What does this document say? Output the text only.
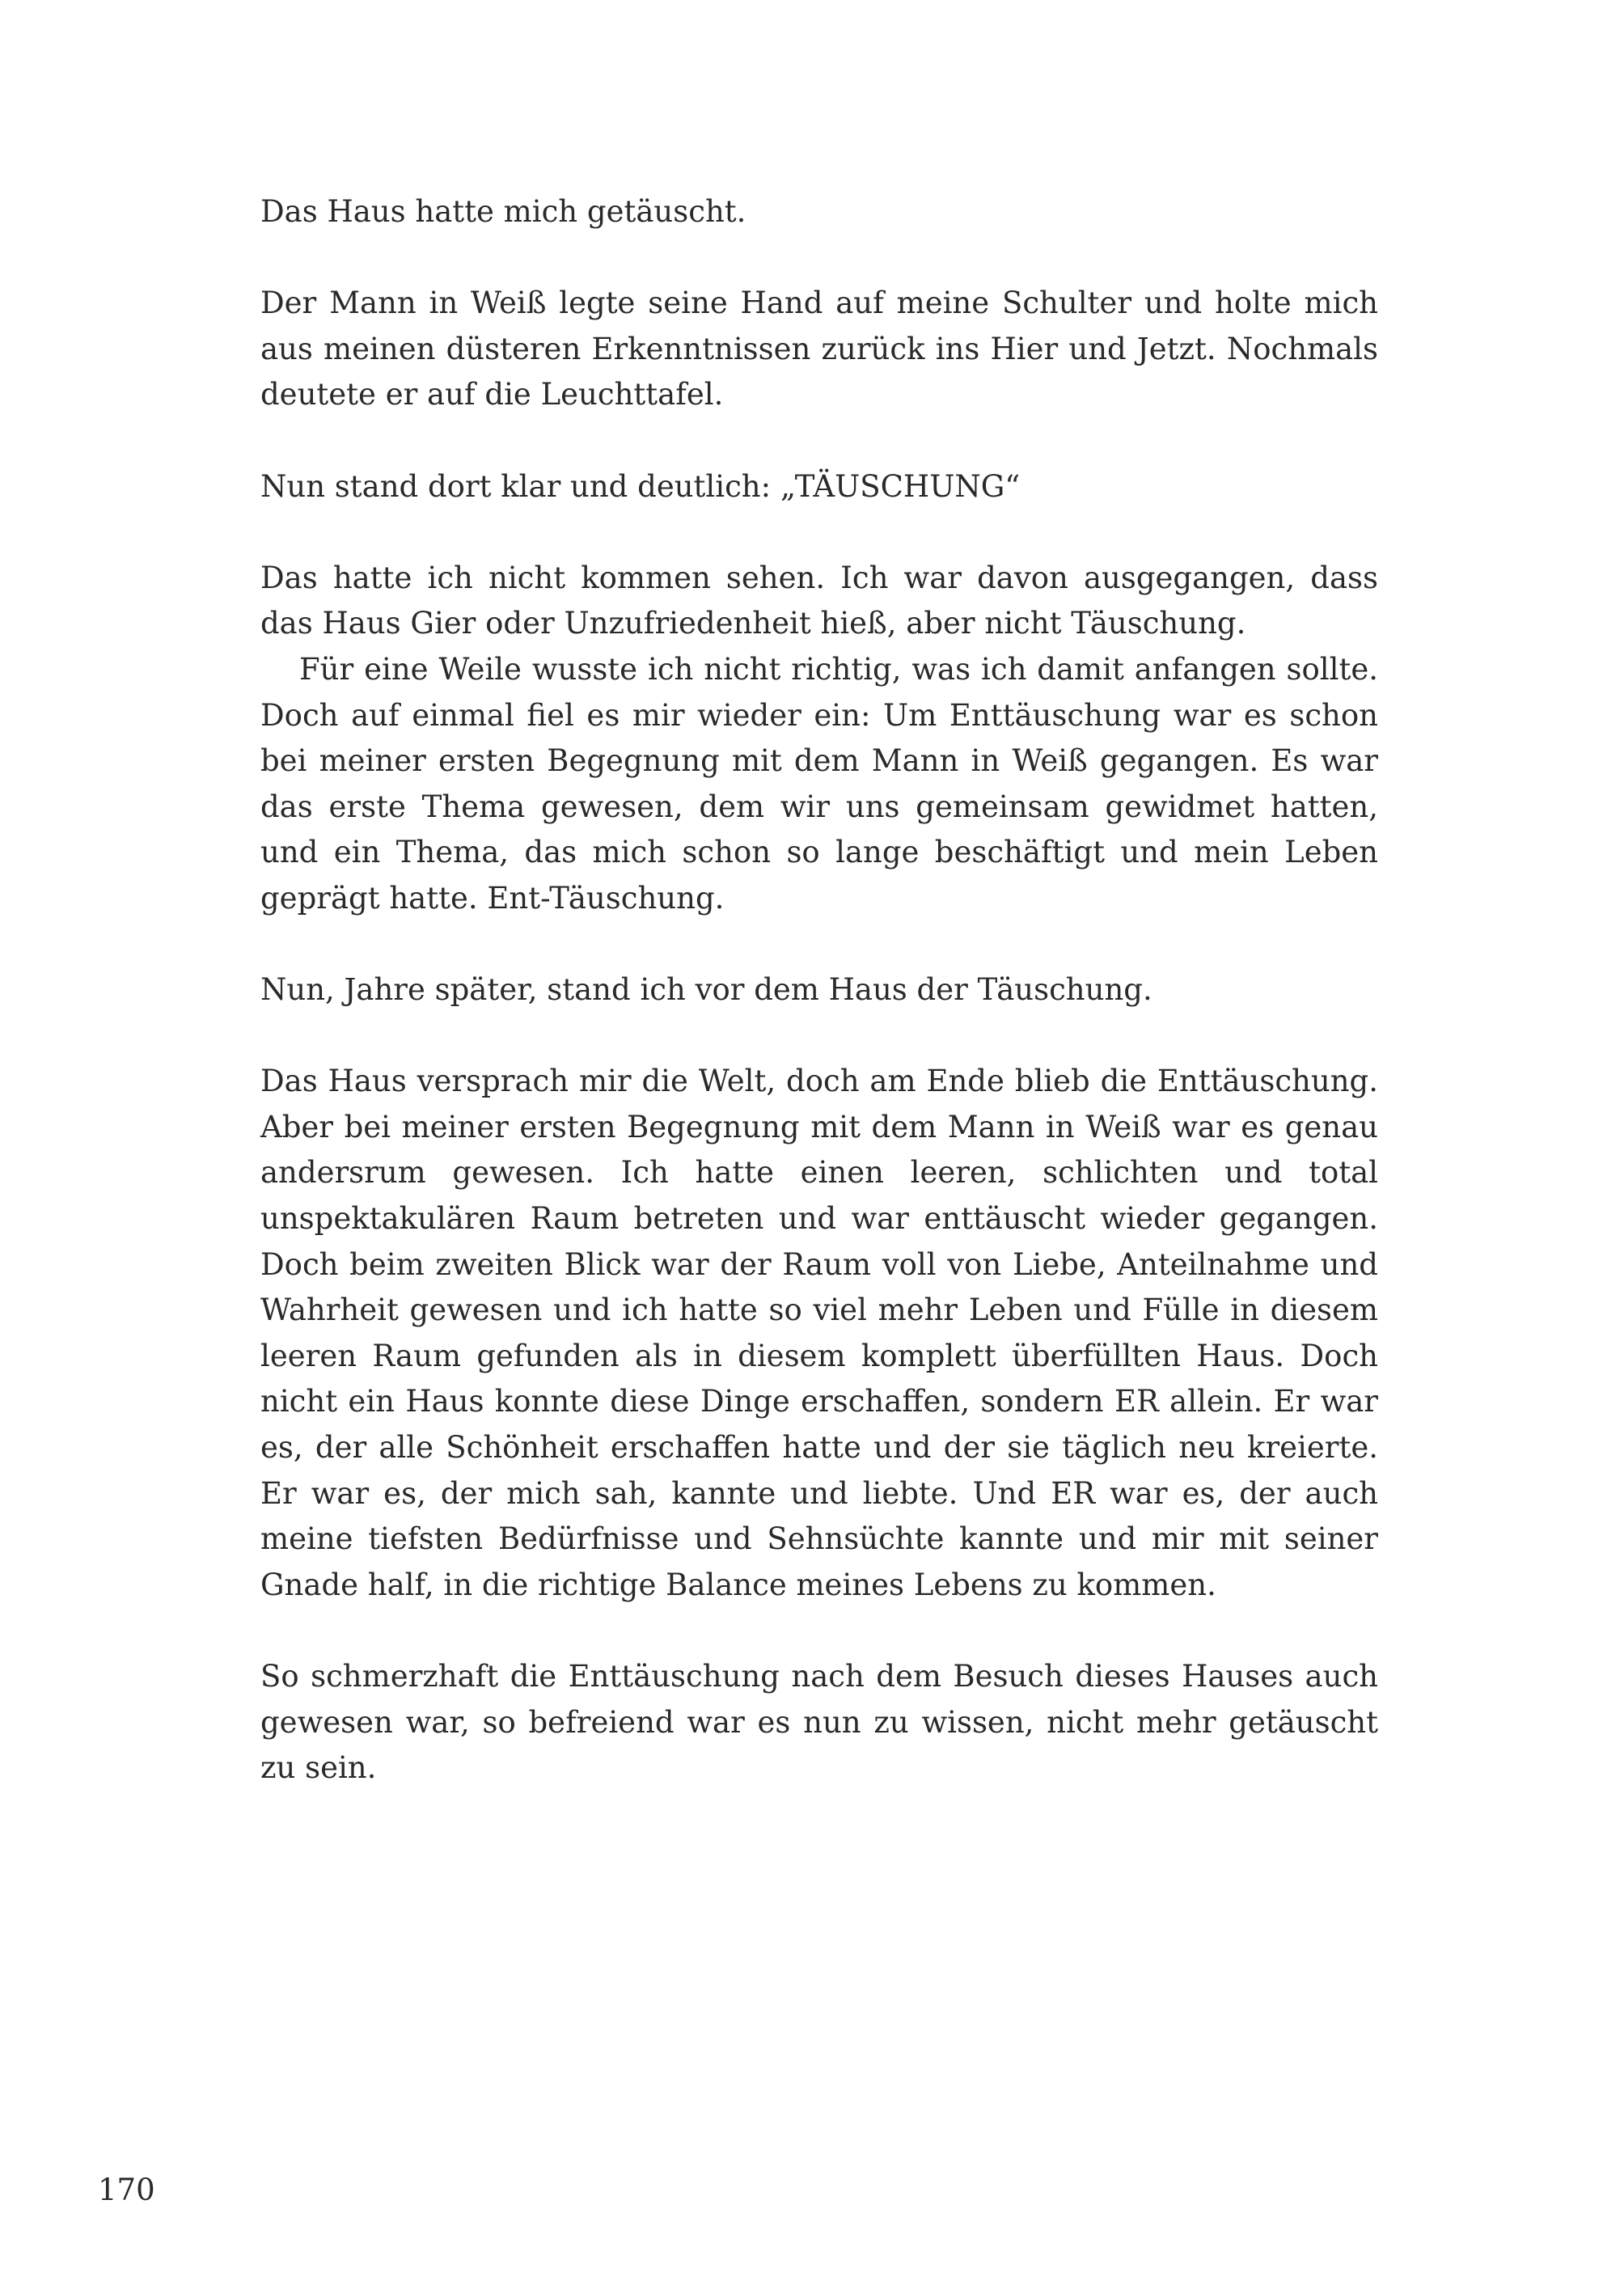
Das Haus hatte mich getäuscht.

Der Mann in Weiß legte seine Hand auf meine Schulter und holte mich aus meinen düsteren Erkenntnissen zurück ins Hier und Jetzt. Nochmals deutete er auf die Leuchttafel.

Nun stand dort klar und deutlich: „TÄUSCHUNG“

Das hatte ich nicht kommen sehen. Ich war davon ausgegangen, dass das Haus Gier oder Unzufriedenheit hieß, aber nicht Täuschung.

Für eine Weile wusste ich nicht richtig, was ich damit anfangen sollte. Doch auf einmal fiel es mir wieder ein: Um Enttäuschung war es schon bei meiner ersten Begegnung mit dem Mann in Weiß gegangen. Es war das erste Thema gewesen, dem wir uns gemeinsam gewidmet hatten, und ein Thema, das mich schon so lange beschäftigt und mein Leben geprägt hatte. Ent-Täuschung.

Nun, Jahre später, stand ich vor dem Haus der Täuschung.

Das Haus versprach mir die Welt, doch am Ende blieb die Enttäuschung. Aber bei meiner ersten Begegnung mit dem Mann in Weiß war es genau andersrum gewesen. Ich hatte einen leeren, schlichten und total unspektakulären Raum betreten und war enttäuscht wieder gegangen. Doch beim zweiten Blick war der Raum voll von Liebe, Anteilnahme und Wahrheit gewesen und ich hatte so viel mehr Leben und Fülle in diesem leeren Raum gefunden als in diesem komplett überfüllten Haus. Doch nicht ein Haus konnte diese Dinge erschaffen, sondern ER allein. Er war es, der alle Schönheit erschaffen hatte und der sie täglich neu kreierte. Er war es, der mich sah, kannte und liebte. Und ER war es, der auch meine tiefsten Bedürfnisse und Sehnsüchte kannte und mir mit seiner Gnade half, in die richtige Balance meines Lebens zu kommen.

So schmerzhaft die Enttäuschung nach dem Besuch dieses Hauses auch gewesen war, so befreiend war es nun zu wissen, nicht mehr getäuscht zu sein.

170
